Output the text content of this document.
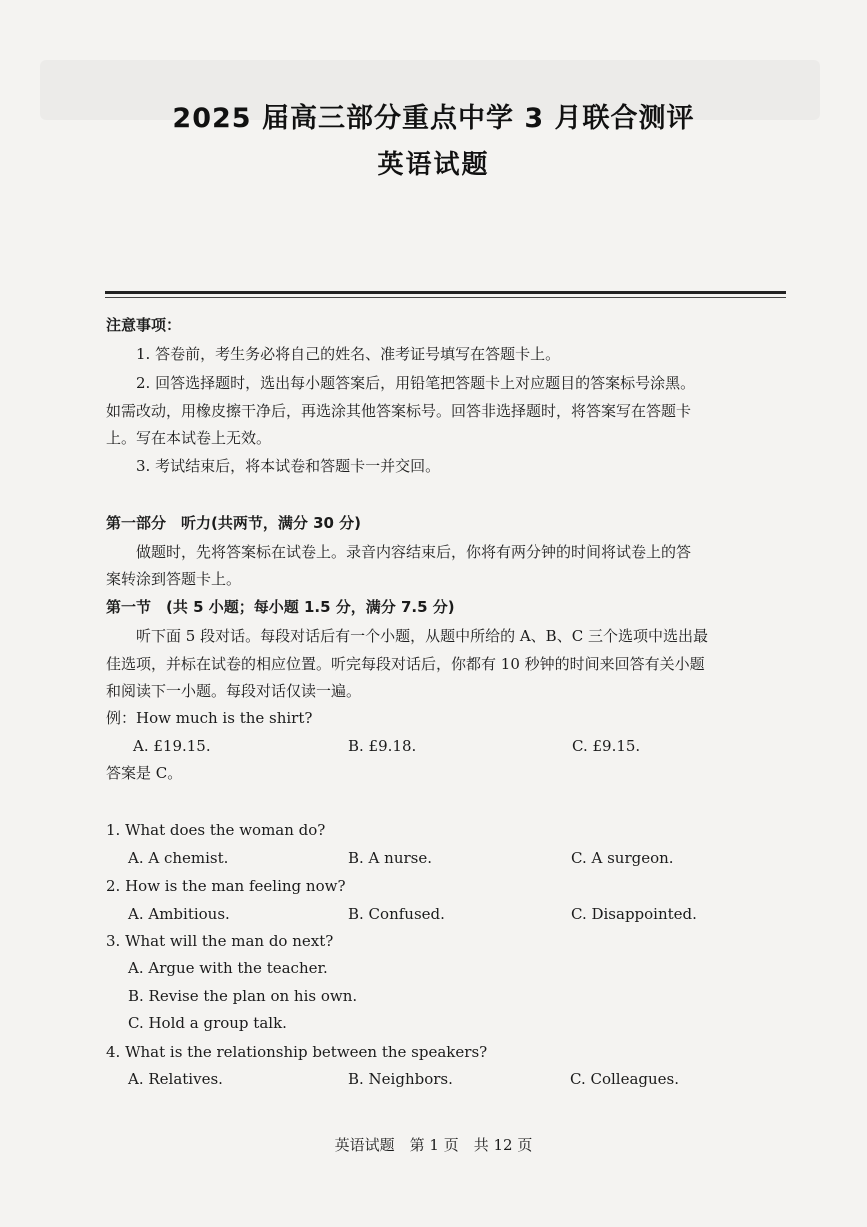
2025 届高三部分重点中学 3 月联合测评
英语试题
注意事项：
1. 答卷前，考生务必将自己的姓名、准考证号填写在答题卡上。
2. 回答选择题时，选出每小题答案后，用铅笔把答题卡上对应题目的答案标号涂黑。
如需改动，用橡皮擦干净后，再选涂其他答案标号。回答非选择题时，将答案写在答题卡
上。写在本试卷上无效。
3. 考试结束后，将本试卷和答题卡一并交回。
第一部分　听力(共两节，满分 30 分)
做题时，先将答案标在试卷上。录音内容结束后，你将有两分钟的时间将试卷上的答
案转涂到答题卡上。
第一节　(共 5 小题；每小题 1.5 分，满分 7.5 分)
听下面 5 段对话。每段对话后有一个小题，从题中所给的 A、B、C 三个选项中选出最
佳选项，并标在试卷的相应位置。听完每段对话后，你都有 10 秒钟的时间来回答有关小题
和阅读下一小题。每段对话仅读一遍。
例：How much is the shirt?
A. £19.15.	B. £9.18.	C. £9.15.
答案是 C。
1. What does the woman do?
A. A chemist.	B. A nurse.	C. A surgeon.
2. How is the man feeling now?
A. Ambitious.	B. Confused.	C. Disappointed.
3. What will the man do next?
A. Argue with the teacher.
B. Revise the plan on his own.
C. Hold a group talk.
4. What is the relationship between the speakers?
A. Relatives.	B. Neighbors.	C. Colleagues.
英语试题　第 1 页　共 12 页
